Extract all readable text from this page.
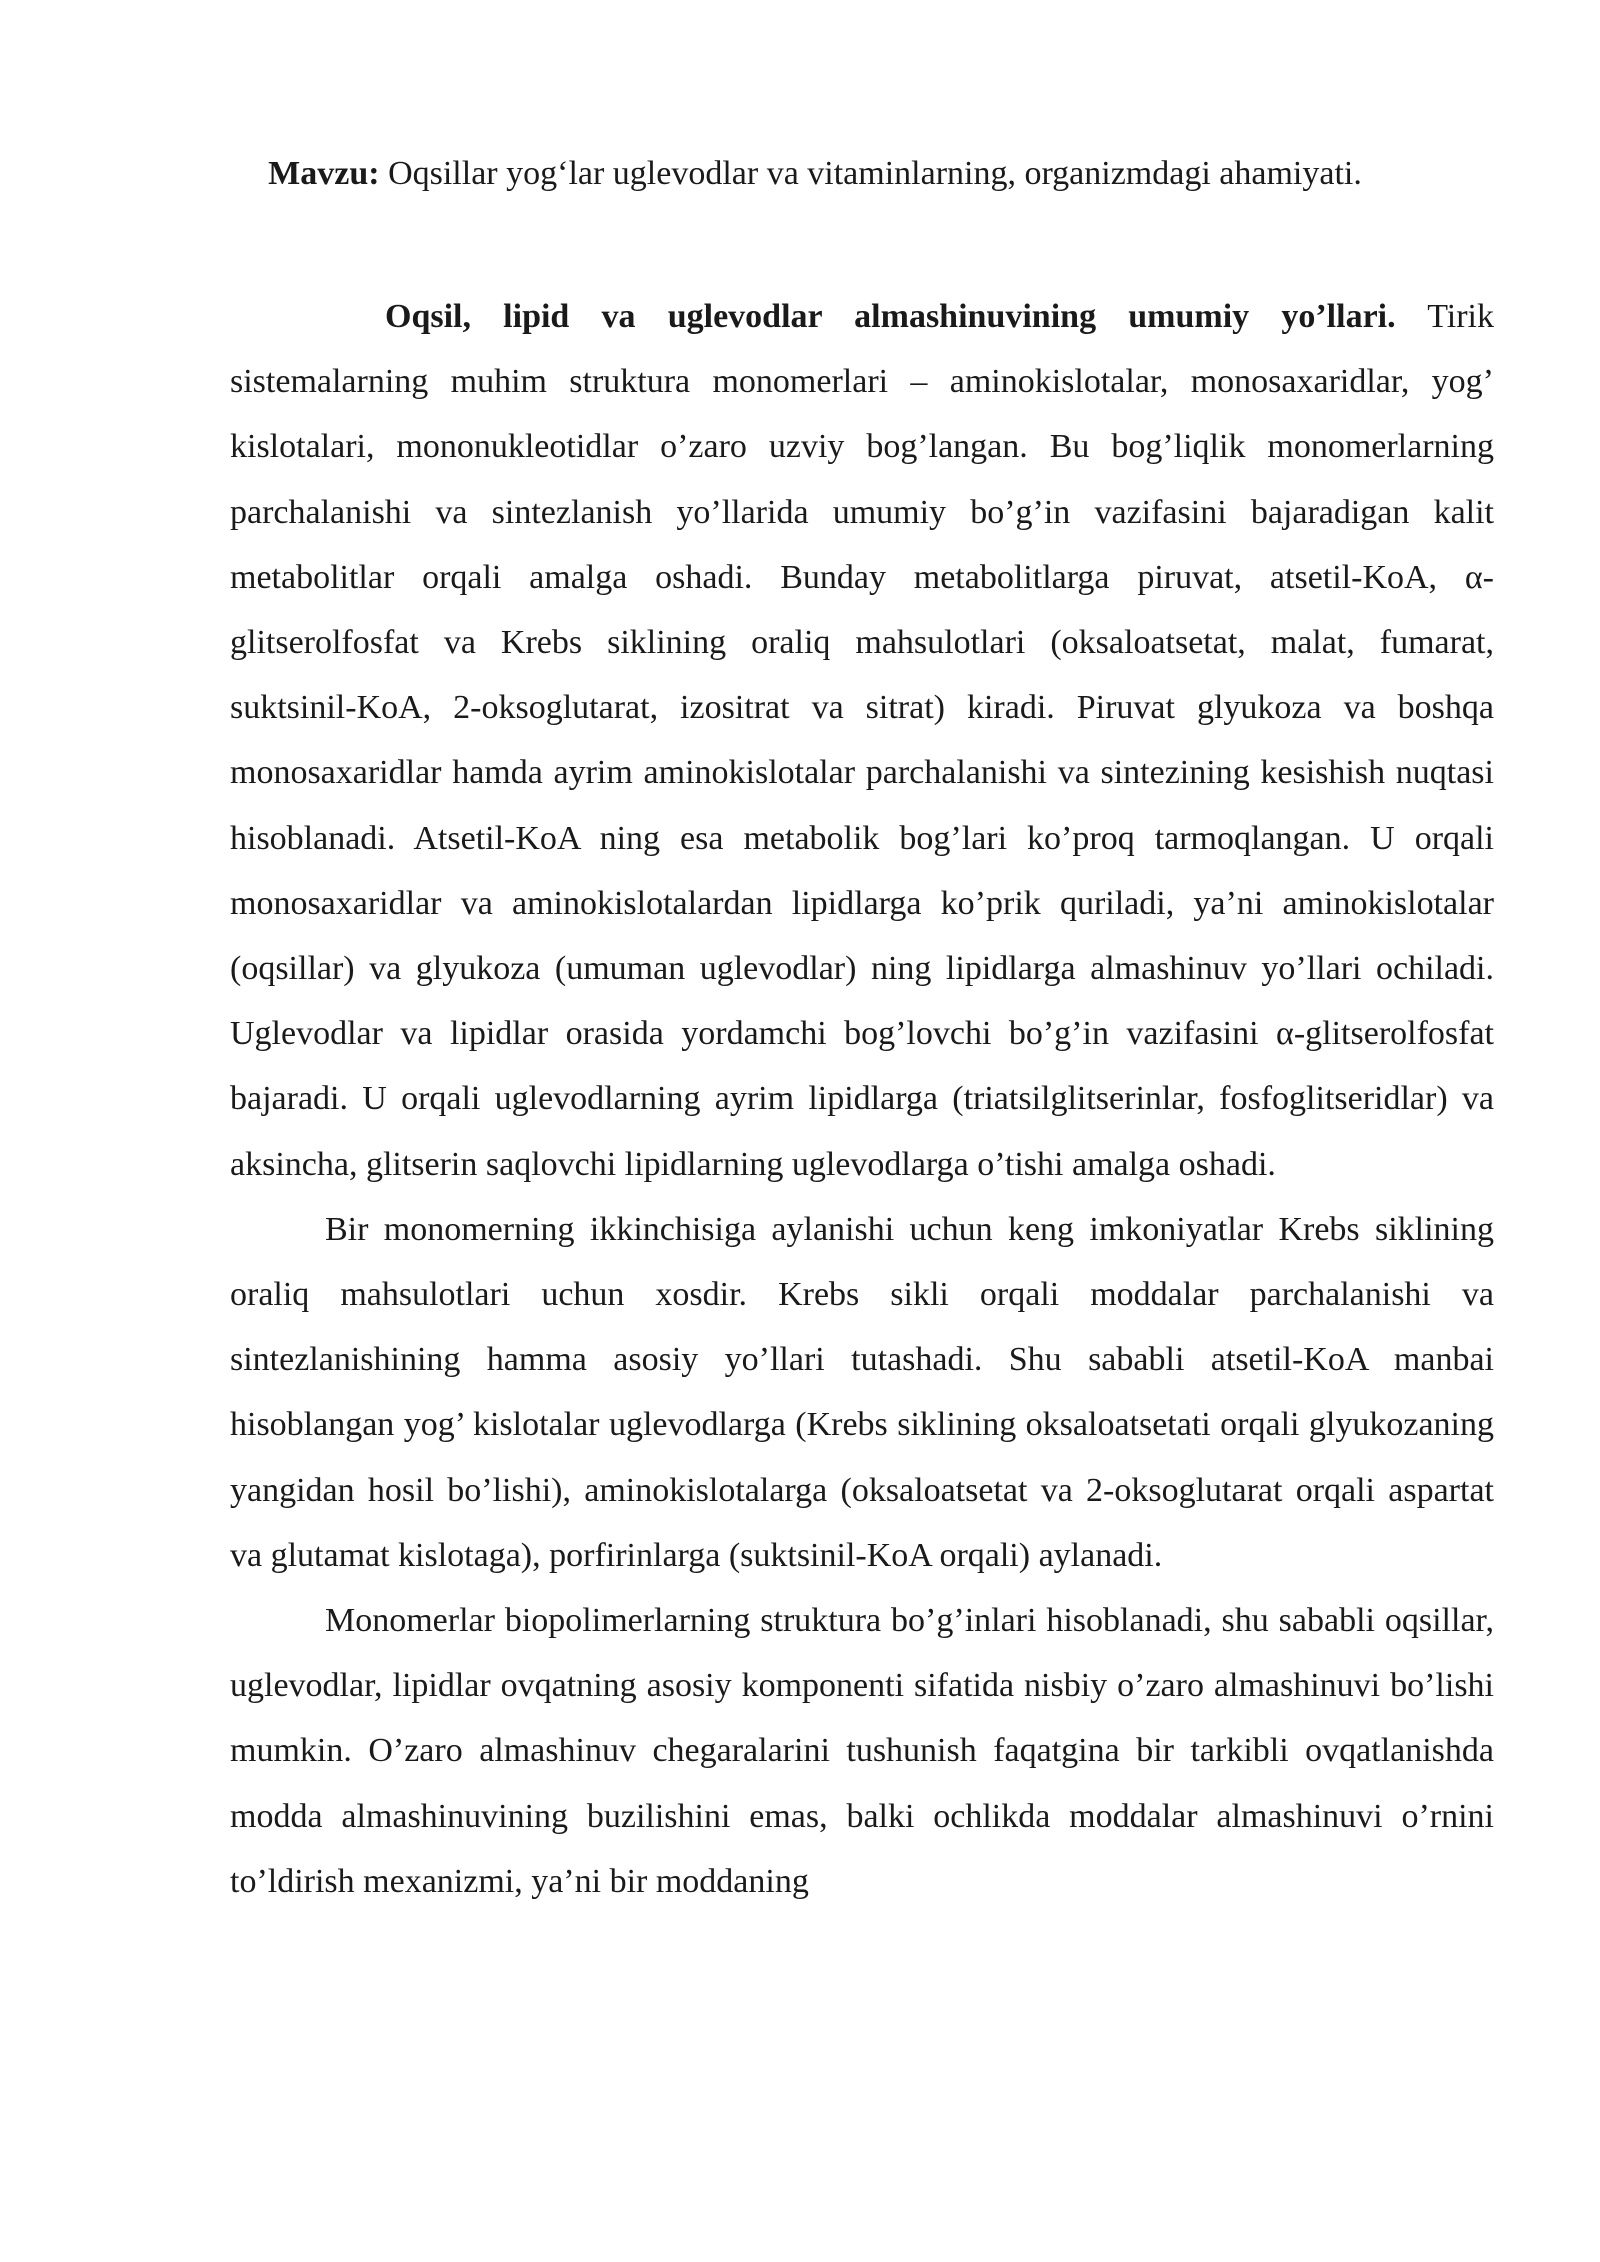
Mavzu: Oqsillar yog‘lar uglevodlar va vitaminlarning, organizmdagi ahamiyati.

Oqsil, lipid va uglevodlar almashinuvining umumiy yo’llari. Tirik sistemalarning muhim struktura monomerlari – aminokislotalar, monosaxaridlar, yog’ kislotalari, mononukleotidlar o’zaro uzviy bog’langan. Bu bog’liqlik monomerlarning parchalanishi va sintezlanish yo’llarida umumiy bo’g’in vazifasini bajaradigan kalit metabolitlar orqali amalga oshadi. Bunday metabolitlarga piruvat, atsetil-KoA, α-glitserolfosfat va Krebs siklining oraliq mahsulotlari (oksaloatsetat, malat, fumarat, suktsinil-KoA, 2-oksoglutarat, izositrat va sitrat) kiradi. Piruvat glyukoza va boshqa monosaxaridlar hamda ayrim aminokislotalar parchalanishi va sintezining kesishish nuqtasi hisoblanadi. Atsetil-KoA ning esa metabolik bog’lari ko’proq tarmoqlangan. U orqali monosaxaridlar va aminokislotalardan lipidlarga ko’prik quriladi, ya’ni aminokislotalar (oqsillar) va glyukoza (umuman uglevodlar) ning lipidlarga almashinuv yo’llari ochiladi. Uglevodlar va lipidlar orasida yordamchi bog’lovchi bo’g’in vazifasini α-glitserolfosfat bajaradi. U orqali uglevodlarning ayrim lipidlarga (triatsilglitserinlar, fosfoglitseridlar) va aksincha, glitserin saqlovchi lipidlarning uglevodlarga o’tishi amalga oshadi.

Bir monomerning ikkinchisiga aylanishi uchun keng imkoniyatlar Krebs siklining oraliq mahsulotlari uchun xosdir. Krebs sikli orqali moddalar parchalanishi va sintezlanishining hamma asosiy yo’llari tutashadi. Shu sababli atsetil-KoA manbai hisoblangan yog’ kislotalar uglevodlarga (Krebs siklining oksaloatsetati orqali glyukozaning yangidan hosil bo’lishi), aminokislotalarga (oksaloatsetat va 2-oksoglutarat orqali aspartat va glutamat kislotaga), porfirinlarga (suktsinil-KoA orqali) aylanadi.

Monomerlar biopolimerlarning struktura bo’g’inlari hisoblanadi, shu sababli oqsillar, uglevodlar, lipidlar ovqatning asosiy komponenti sifatida nisbiy o’zaro almashinuvi bo’lishi mumkin. O’zaro almashinuv chegaralarini tushunish faqatgina bir tarkibli ovqatlanishda modda almashinuvining buzilishini emas, balki ochlikda moddalar almashinuvi o’rnini to’ldirish mexanizmi, ya’ni bir moddaning
